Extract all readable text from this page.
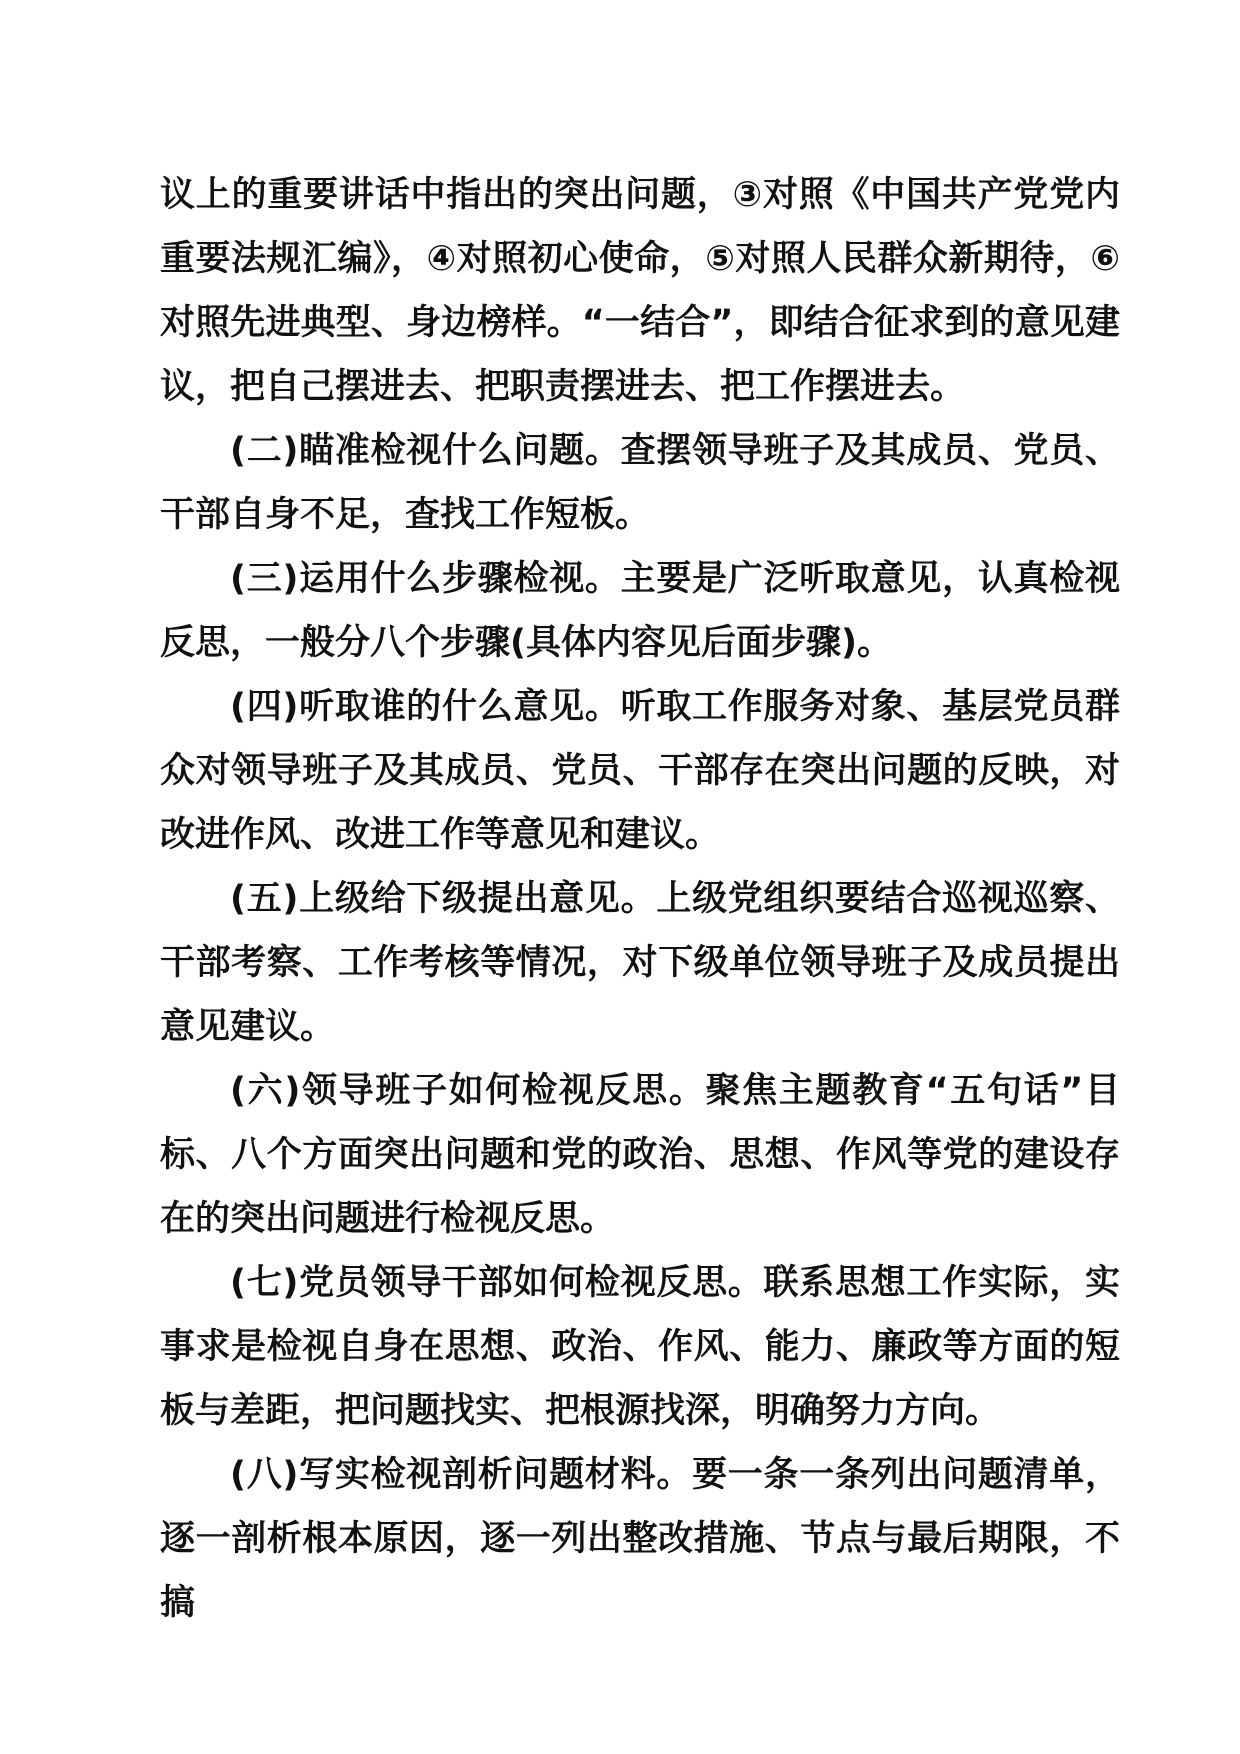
议上的重要讲话中指出的突出问题，③对照《中国共产党党内重要法规汇编》，④对照初心使命，⑤对照人民群众新期待，⑥对照先进典型、身边榜样。“一结合”，即结合征求到的意见建议，把自己摆进去、把职责摆进去、把工作摆进去。

(二)瞄准检视什么问题。查摆领导班子及其成员、党员、干部自身不足，查找工作短板。

(三)运用什么步骤检视。主要是广泛听取意见，认真检视反思，一般分八个步骤(具体内容见后面步骤)。

(四)听取谁的什么意见。听取工作服务对象、基层党员群众对领导班子及其成员、党员、干部存在突出问题的反映，对改进作风、改进工作等意见和建议。

(五)上级给下级提出意见。上级党组织要结合巡视巡察、干部考察、工作考核等情况，对下级单位领导班子及成员提出意见建议。

(六)领导班子如何检视反思。聚焦主题教育“五句话”目标、八个方面突出问题和党的政治、思想、作风等党的建设存在的突出问题进行检视反思。

(七)党员领导干部如何检视反思。联系思想工作实际，实事求是检视自身在思想、政治、作风、能力、廉政等方面的短板与差距，把问题找实、把根源找深，明确努力方向。

(八)写实检视剖析问题材料。要一条一条列出问题清单，逐一剖析根本原因，逐一列出整改措施、节点与最后期限，不搞
